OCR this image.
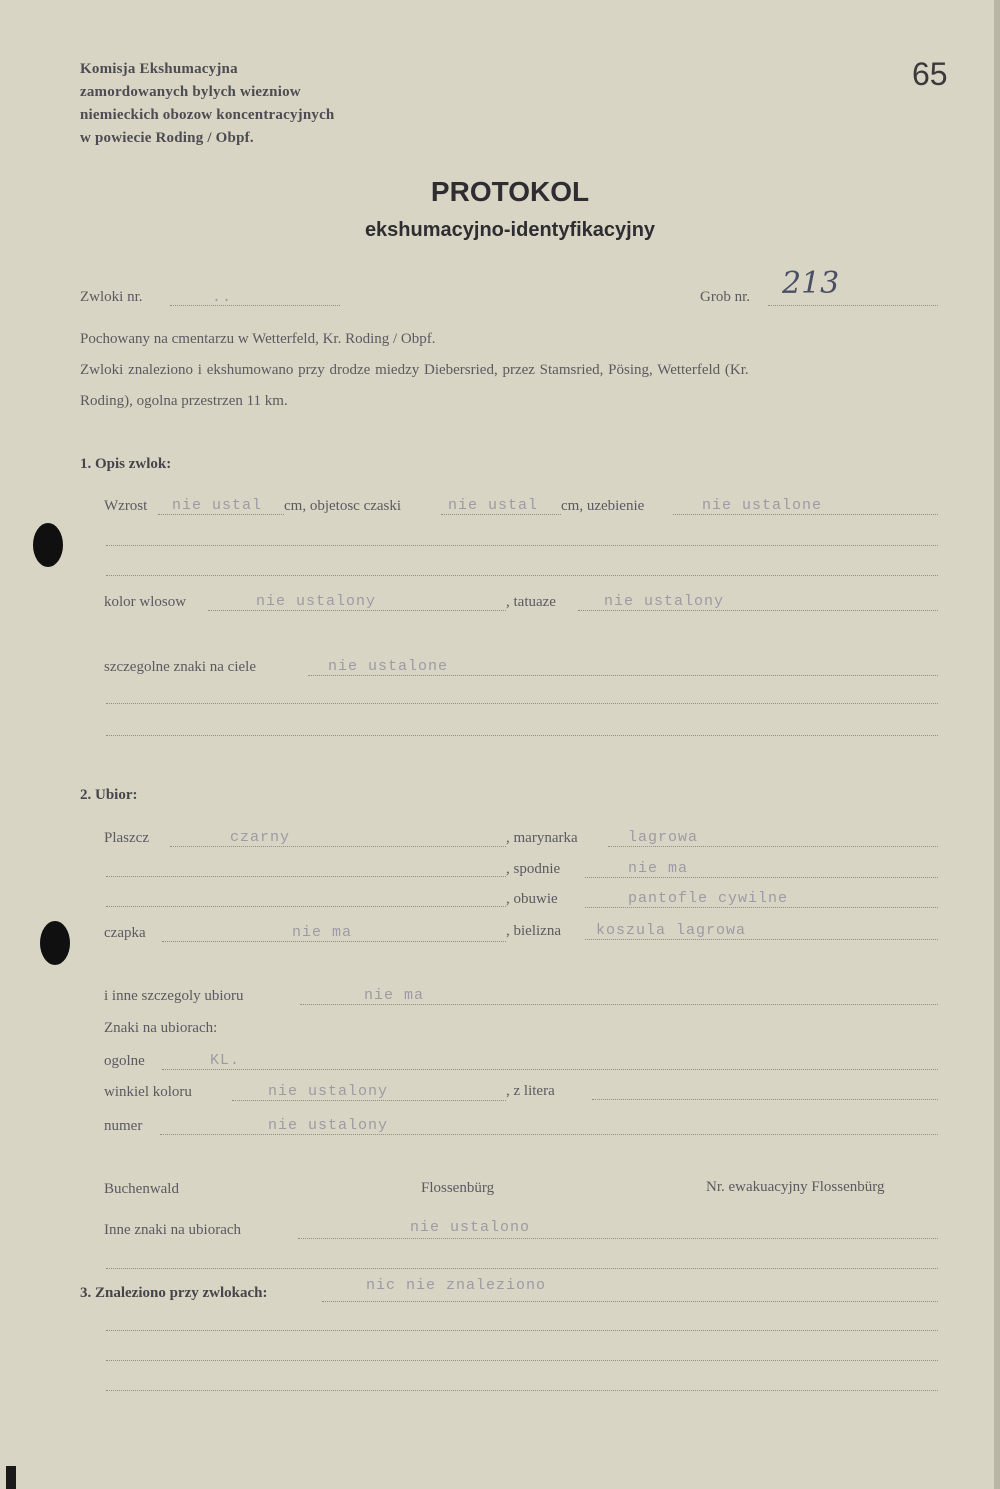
Komisja Ekshumacyjna
zamordowanych bylych wiezniow
niemieckich obozow koncentracyjnych
w powiecie Roding / Obpf.
65
PROTOKOL
ekshumacyjno-identyfikacyjny
Zwloki nr.	..	Grob nr. 213
Pochowany na cmentarzu w Wetterfeld, Kr. Roding / Obpf.
Zwloki znaleziono i ekshumowano przy drodze miedzy Diebersried, przez Stamsried, Pösing, Wetterfeld (Kr.
Roding), ogolna przestrzen 11 km.
1. Opis zwlok:
Wzrost nie ustal cm, objetosc czaski	nie ustal cm, uzebienie	nie ustalone
kolor wlosow	nie ustalony	, tatuaze	nie ustalony
szczegolne znaki na ciele	nie ustalone
2. Ubior:
Plaszcz	czarny	, marynarka	lagrowa
, spodnie	nie ma
, obuwie	pantofle cywilne
czapka	nie ma	, bielizna koszula lagrowa
i inne szczegoly ubioru	nie ma
Znaki na ubiorach:
ogolne	KL.
winkiel koloru	nie ustalony	, z litera
numer	nie ustalony
Buchenwald	Flossenbürg	Nr. ewakuacyjny Flossenbürg
Inne znaki na ubiorach	nie ustalono
3. Znaleziono przy zwlokach:	nic nie znaleziono
